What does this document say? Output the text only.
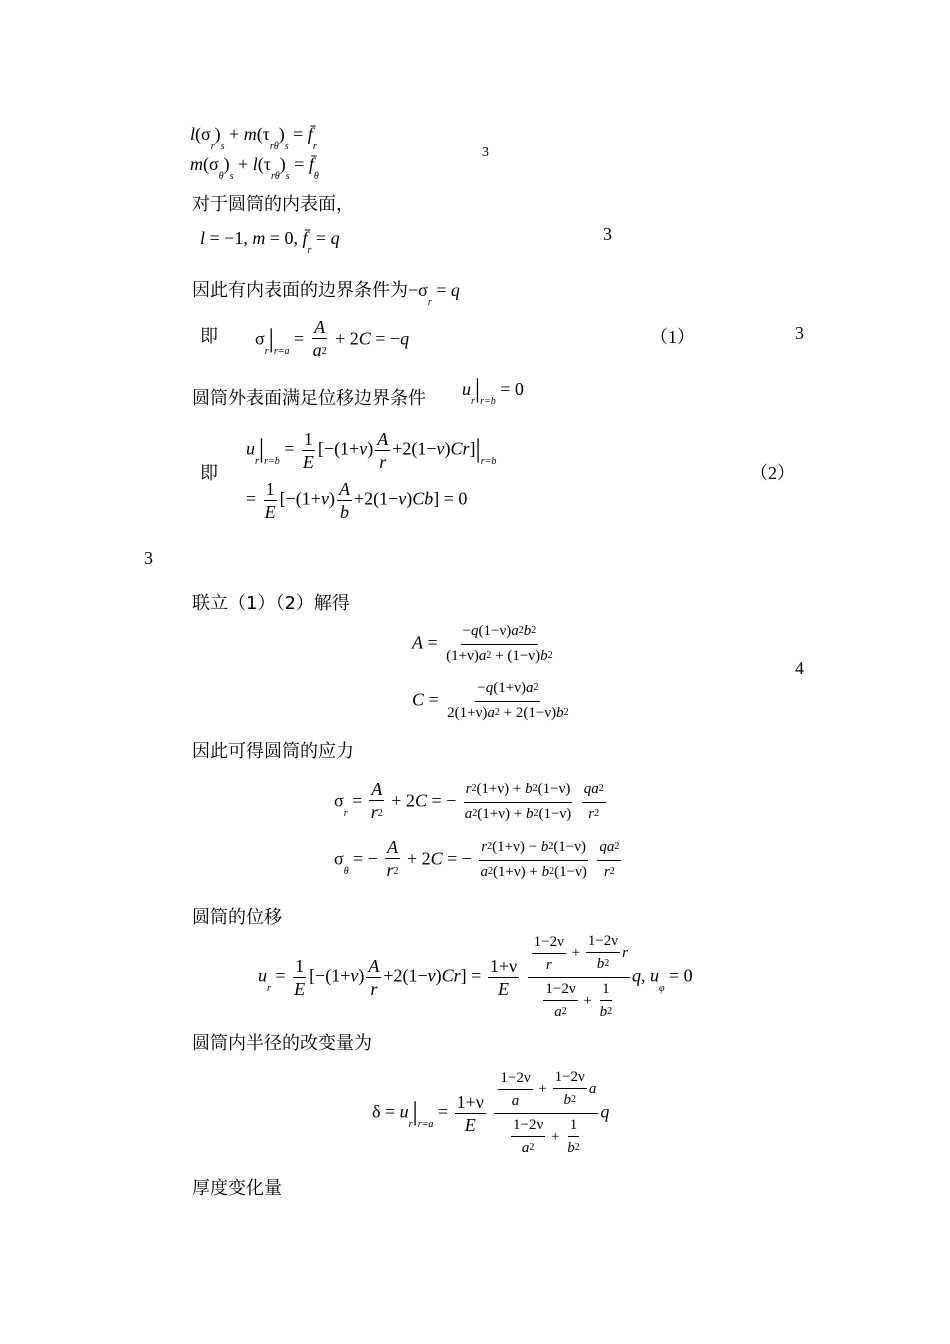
$l(\sigma_r)_s + m(\tau_{r\theta})_s$ = $f̄_r$
$m(\sigma_\theta)_s + l(\tau_{r\theta})_s$ = $f̄_\theta$
3
对于圆筒的内表面，
l = −1, m = 0, $f̄_r = q$	3
因此有内表面的边界条件为$-\sigma_r = q$
即 $\sigma_r|_{r=a} = \frac{A}{a2} + 2C = -q$	（1）	3
圆筒外表面满足位移边界条件 $u_r|_{r=b} = 0$
即
$u_r|_{r=b} = \frac{1}{E} [-(1+v) \frac{A}{r} +2(1-v)Cr]|_{r=b}$
= $\frac{1}{E} [-(1+v) \frac{A}{b} +2(1-v)Cb] = 0$
（2）
3
联立（1）（2）解得
$A = \frac{-q(1-\nu)a2b2}{(1+\nu)a2 + (1-\nu)b2}$
$C = \frac{-q(1+\nu)a2}{2(1+\nu)a2 + 2(1-\nu)b2}$
4
因此可得圆筒的应力
$\sigma_r = \frac{A}{r2} + 2C$ = − $\frac{r2(1+\nu) + b2(1-\nu)}{a2(1+\nu) + b2(1-\nu)}$
$\frac{qa2}{r2}$
$\sigma_\theta$ = − $\frac{A}{r2} + 2C$ = − $\frac{r2(1+\nu) - b2(1-\nu)}{a2(1+\nu) + b2(1-\nu)}$
$\frac{qa2}{r2}$
圆筒的位移
$u_r = \frac{1}{E} [-(1+v) \frac{A}{r} +2(1-v)Cr] = \frac{1+\nu}{E}$
$\frac{\frac{1-2\nu}{r} + \frac{1-2\nu}{b2} r}{\frac{1-2\nu}{a2} + \frac{1}{b2}} q$, $u_\varphi = 0$
圆筒内半径的改变量为
$\delta = u_r|_{r=a} = \frac{1+\nu}{E}$
$\frac{\frac{1-2\nu}{a} + \frac{1-2\nu}{b2} a}{\frac{1-2\nu}{a2} + \frac{1}{b2}}$ q
厚度变化量
